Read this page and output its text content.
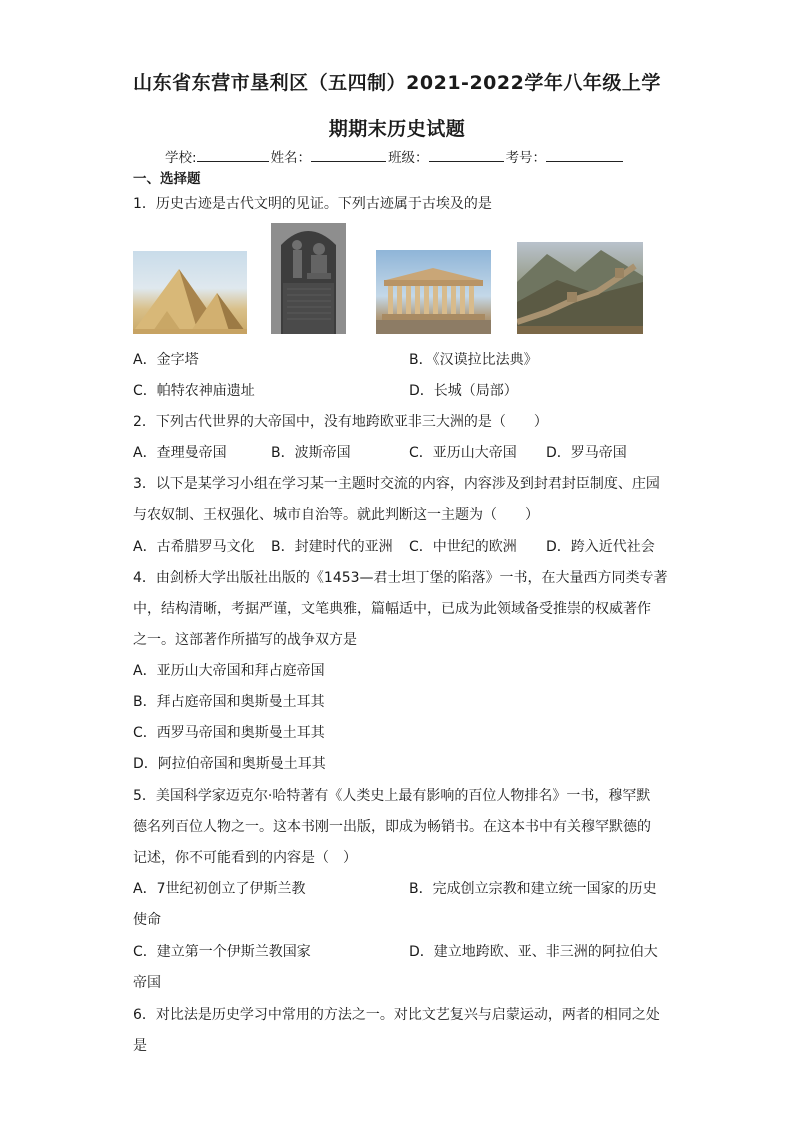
山东省东营市垦利区（五四制）2021-2022学年八年级上学
期期末历史试题
学校:	姓名：	班级：	考号：
一、选择题
1．历史古迹是古代文明的见证。下列古迹属于古埃及的是
A．金字塔	B．《汉谟拉比法典》
C．帕特农神庙遗址	D．长城（局部）
2．下列古代世界的大帝国中，没有地跨欧亚非三大洲的是（　　）
A．查理曼帝国	B．波斯帝国	C．亚历山大帝国 D．罗马帝国
3．以下是某学习小组在学习某一主题时交流的内容，内容涉及到封君封臣制度、庄园
与农奴制、王权强化、城市自治等。就此判断这一主题为（　　）
A．古希腊罗马文化 B．封建时代的亚洲 C．中世纪的欧洲 D．跨入近代社会
4．由剑桥大学出版社出版的《1453—君士坦丁堡的陷落》一书，在大量西方同类专著
中，结构清晰，考据严谨，文笔典雅，篇幅适中，已成为此领域备受推崇的权威著作
之一。这部著作所描写的战争双方是
A．亚历山大帝国和拜占庭帝国
B．拜占庭帝国和奥斯曼土耳其
C．西罗马帝国和奥斯曼土耳其
D．阿拉伯帝国和奥斯曼土耳其
5．美国科学家迈克尔·哈特著有《人类史上最有影响的百位人物排名》一书，穆罕默
德名列百位人物之一。这本书刚一出版，即成为畅销书。在这本书中有关穆罕默德的
记述，你不可能看到的内容是（　）
A．7世纪初创立了伊斯兰教	B．完成创立宗教和建立统一国家的历史
使命
C．建立第一个伊斯兰教国家	D．建立地跨欧、亚、非三洲的阿拉伯大
帝国
6．对比法是历史学习中常用的方法之一。对比文艺复兴与启蒙运动，两者的相同之处
是
